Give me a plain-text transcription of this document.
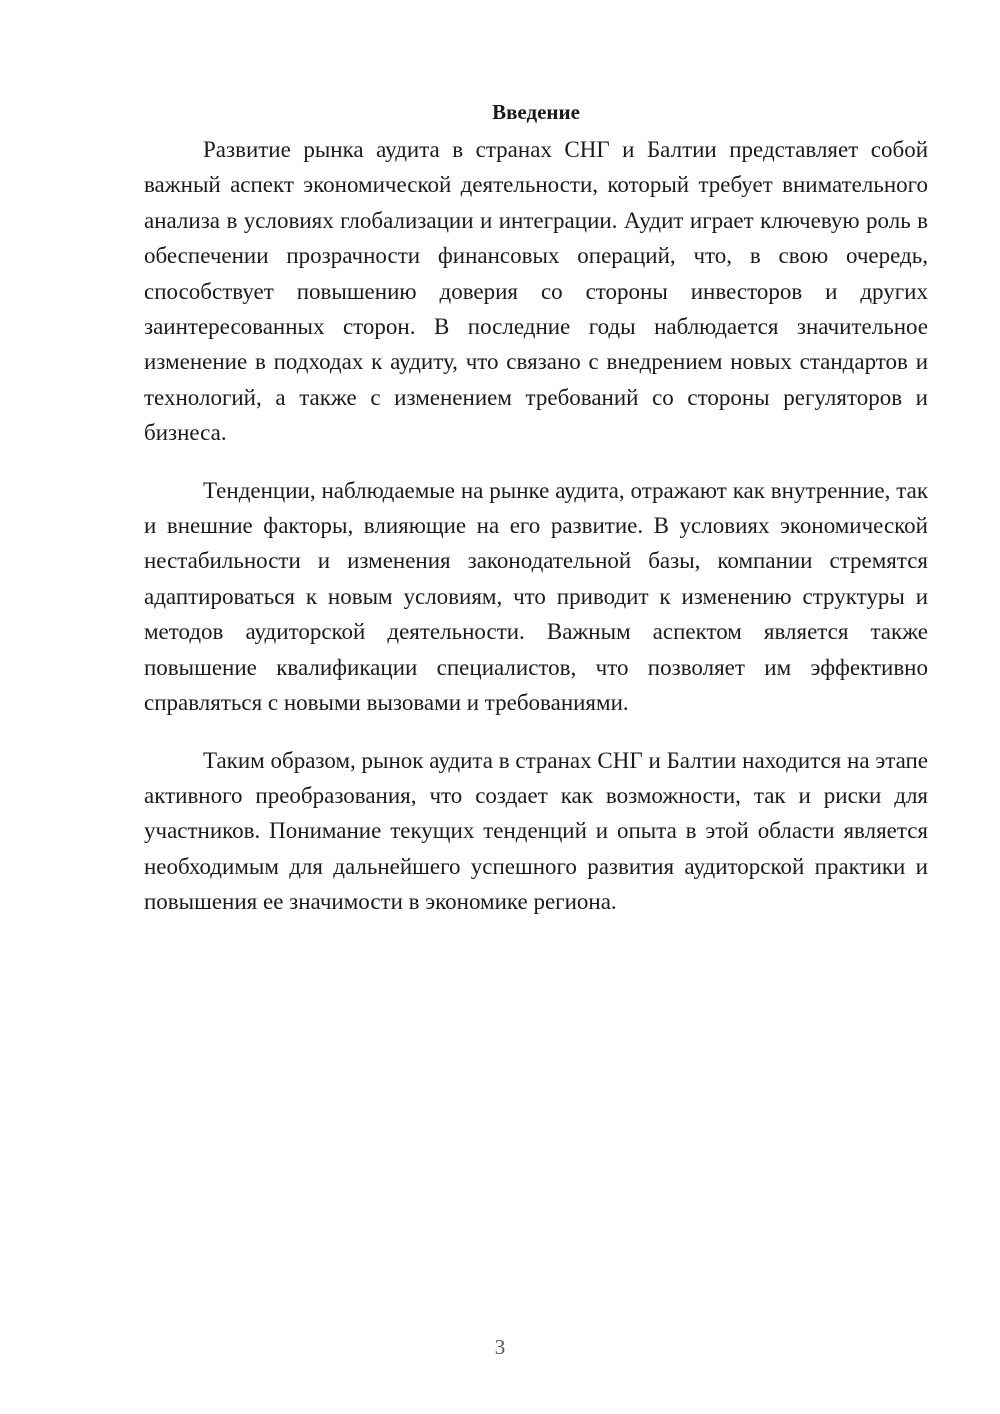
Введение

Развитие рынка аудита в странах СНГ и Балтии представляет собой важный аспект экономической деятельности, который требует внимательного анализа в условиях глобализации и интеграции. Аудит играет ключевую роль в обеспечении прозрачности финансовых операций, что, в свою очередь, способствует повышению доверия со стороны инвесторов и других заинтересованных сторон. В последние годы наблюдается значительное изменение в подходах к аудиту, что связано с внедрением новых стандартов и технологий, а также с изменением требований со стороны регуляторов и бизнеса.

Тенденции, наблюдаемые на рынке аудита, отражают как внутренние, так и внешние факторы, влияющие на его развитие. В условиях экономической нестабильности и изменения законодательной базы, компании стремятся адаптироваться к новым условиям, что приводит к изменению структуры и методов аудиторской деятельности. Важным аспектом является также повышение квалификации специалистов, что позволяет им эффективно справляться с новыми вызовами и требованиями.

Таким образом, рынок аудита в странах СНГ и Балтии находится на этапе активного преобразования, что создает как возможности, так и риски для участников. Понимание текущих тенденций и опыта в этой области является необходимым для дальнейшего успешного развития аудиторской практики и повышения ее значимости в экономике региона.

3
